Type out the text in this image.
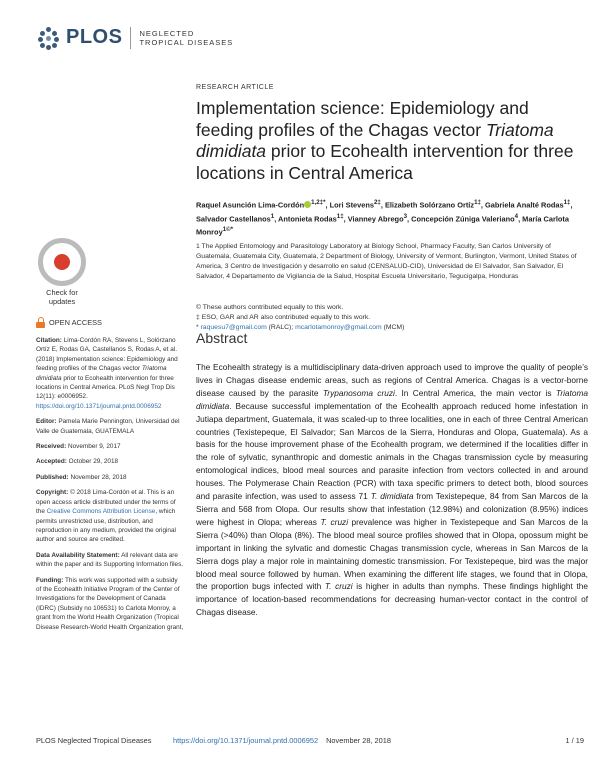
PLOS NEGLECTED
TROPICAL DISEASES
RESEARCH ARTICLE
Implementation science: Epidemiology and feeding profiles of the Chagas vector Triatoma dimidiata prior to Ecohealth intervention for three locations in Central America
Raquel Asunción Lima-Cordón $^{1,2\ddagger*}$, Lori Stevens$^{2\ddagger}$, Elizabeth Solórzano Ortíz$^{1\ddagger}$, Gabriela Analté Rodas$^{1\ddagger}$, Salvador Castellanos$^1$, Antonieta Rodas$^{1\ddagger}$, Vianney Abrego$^3$, Concepción Zúniga Valeriano$^4$, María Carlota Monroy$^{1©*}$
1 The Applied Entomology and Parasitology Laboratory at Biology School, Pharmacy Faculty, San Carlos University of Guatemala, Guatemala City, Guatemala, 2 Department of Biology, University of Vermont, Burlington, Vermont, United States of America, 3 Centro de Investigación y desarrollo en salud (CENSALUD-CID), Universidad de El Salvador, San Salvador, El Salvador, 4 Departamento de Vigilancia de la Salud, Hospital Escuela Universitario, Tegucigalpa, Honduras
© These authors contributed equally to this work.
‡ ESO, GAR and AR also contributed equally to this work.
* raquesu7@gmail.com (RALC); mcarlotamonroy@gmail.com (MCM)
Abstract
The Ecohealth strategy is a multidisciplinary data-driven approach used to improve the quality of people’s lives in Chagas disease endemic areas, such as regions of Central America. Chagas is a vector-borne disease caused by the parasite Trypanosoma cruzi. In Central America, the main vector is Triatoma dimidiata. Because successful implementation of the Ecohealth approach reduced home infestation in Jutiapa department, Guatemala, it was scaled-up to three localities, one in each of three Central American countries (Texistepeque, El Salvador; San Marcos de la Sierra, Honduras and Olopa, Guatemala). As a basis for the house improvement phase of the Ecohealth program, we determined if the localities differ in the role of sylvatic, synanthropic and domestic animals in the Chagas transmission cycle by measuring entomological indices, blood meal sources and parasite infection from vectors collected in and around houses. The Polymerase Chain Reaction (PCR) with taxa specific primers to detect both, blood sources and parasite infection, was used to assess 71 T. dimidiata from Texistepeque, 84 from San Marcos de la Sierra and 568 from Olopa. Our results show that infestation (12.98%) and colonization (8.95%) indices were highest in Olopa; whereas T. cruzi prevalence was higher in Texistepeque and San Marcos de la Sierra (>40%) than Olopa (8%). The blood meal source profiles showed that in Olopa, opossum might be important in linking the sylvatic and domestic Chagas transmission cycle, whereas in San Marcos de la Sierra dogs play a major role in maintaining domestic transmission. For Texistepeque, bird was the major blood meal source followed by human. When examining the different life stages, we found that in Olopa, the proportion bugs infected with T. cruzi is higher in adults than nymphs. These findings highlight the importance of location-based recommendations for decreasing human-vector contact in the control of Chagas disease.
Check for
updates
OPEN ACCESS
Citation: Lima-Cordón RA, Stevens L, Solórzano Ortíz E, Rodas GA, Castellanos S, Rodas A, et al. (2018) Implementation science: Epidemiology and feeding profiles of the Chagas vector Triatoma dimidiata prior to Ecohealth intervention for three locations in Central America. PLoS Negl Trop Dis 12(11): e0006952. https://doi.org/10.1371/journal.pntd.0006952
Editor: Pamela Marie Pennington, Universidad del Valle de Guatemala, GUATEMALA
Received: November 9, 2017
Accepted: October 29, 2018
Published: November 28, 2018
Copyright: © 2018 Lima-Cordón et al. This is an open access article distributed under the terms of the Creative Commons Attribution License, which permits unrestricted use, distribution, and reproduction in any medium, provided the original author and source are credited.
Data Availability Statement: All relevant data are within the paper and its Supporting Information files.
Funding: This work was supported with a subsidy of the Ecohealth Initiative Program of the Center of Investigations for the Development of Canada (IDRC) (Subsidy no 106531) to Carlota Monroy, a grant from the World Health Organization (Tropical Disease Research-World Health Organization grant,
PLOS Neglected Tropical Diseases	https://doi.org/10.1371/journal.pntd.0006952 November 28, 2018	1 / 19
